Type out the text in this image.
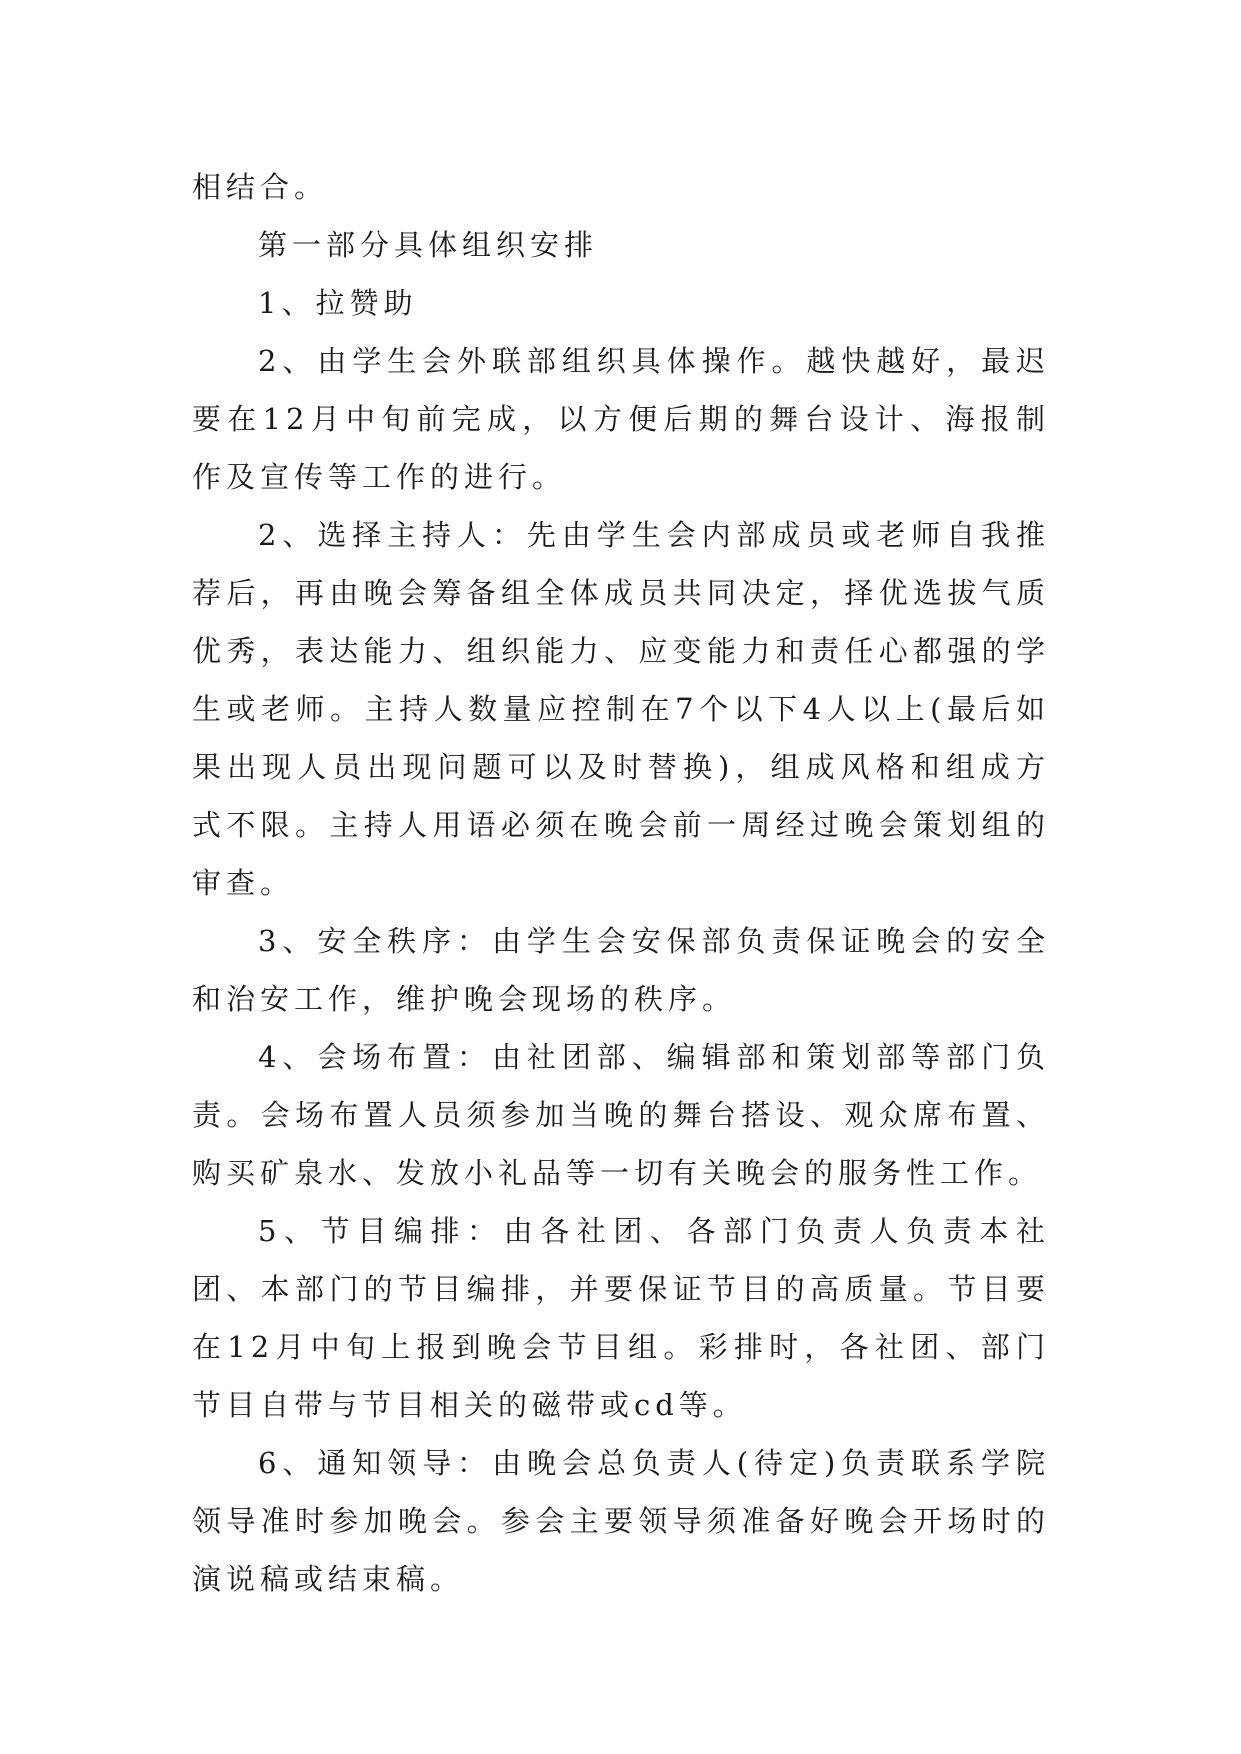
相结合。

第一部分具体组织安排

1、拉赞助

2、由学生会外联部组织具体操作。越快越好，最迟要在12月中旬前完成，以方便后期的舞台设计、海报制作及宣传等工作的进行。

2、选择主持人：先由学生会内部成员或老师自我推荐后，再由晚会筹备组全体成员共同决定，择优选拔气质优秀，表达能力、组织能力、应变能力和责任心都强的学生或老师。主持人数量应控制在7个以下4人以上(最后如果出现人员出现问题可以及时替换)，组成风格和组成方式不限。主持人用语必须在晚会前一周经过晚会策划组的审查。

3、安全秩序：由学生会安保部负责保证晚会的安全和治安工作，维护晚会现场的秩序。

4、会场布置：由社团部、编辑部和策划部等部门负责。会场布置人员须参加当晚的舞台搭设、观众席布置、购买矿泉水、发放小礼品等一切有关晚会的服务性工作。

5、节目编排：由各社团、各部门负责人负责本社团、本部门的节目编排，并要保证节目的高质量。节目要在12月中旬上报到晚会节目组。彩排时，各社团、部门节目自带与节目相关的磁带或cd等。

6、通知领导：由晚会总负责人(待定)负责联系学院领导准时参加晚会。参会主要领导须准备好晚会开场时的演说稿或结束稿。
